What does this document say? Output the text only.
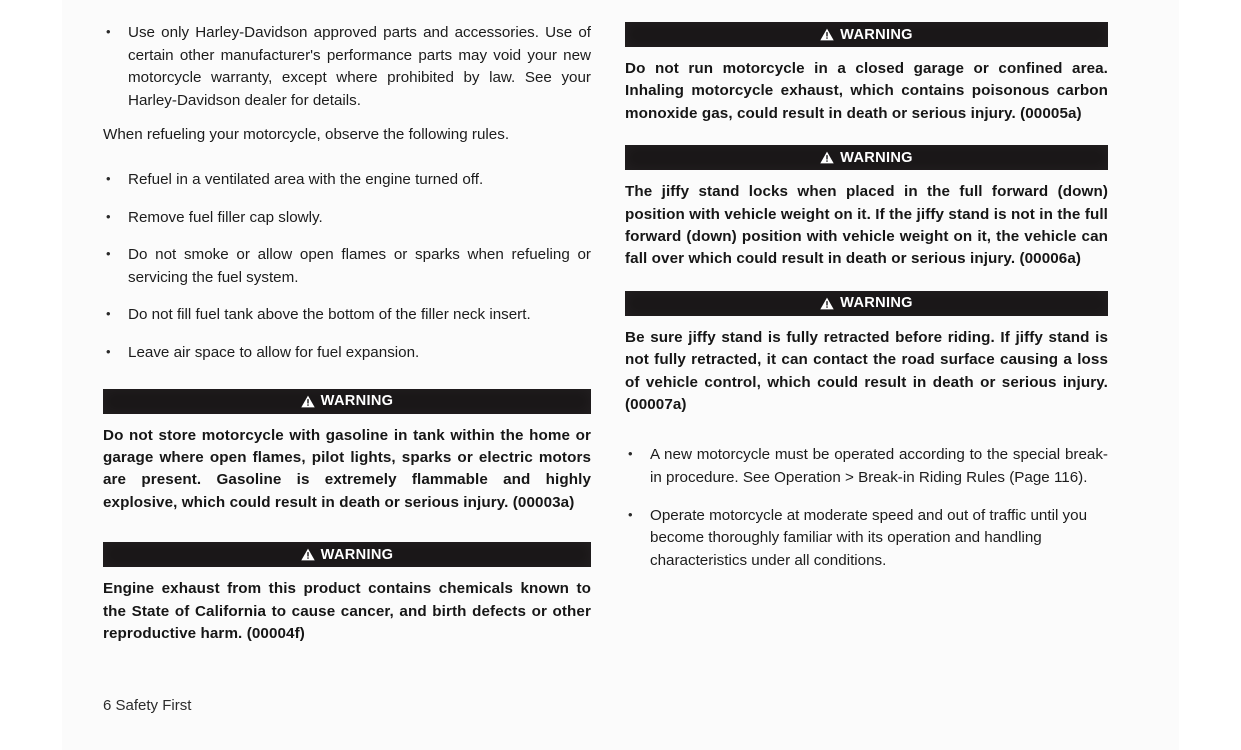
• Use only Harley-Davidson approved parts and accessories. Use of certain other manufacturer's performance parts may void your new motorcycle warranty, except where prohibited by law. See your Harley-Davidson dealer for details.

When refueling your motorcycle, observe the following rules.

• Refuel in a ventilated area with the engine turned off.
• Remove fuel filler cap slowly.
• Do not smoke or allow open flames or sparks when refueling or servicing the fuel system.
• Do not fill fuel tank above the bottom of the filler neck insert.
• Leave air space to allow for fuel expansion.
WARNING

Do not store motorcycle with gasoline in tank within the home or garage where open flames, pilot lights, sparks or electric motors are present. Gasoline is extremely flammable and highly explosive, which could result in death or serious injury. (00003a)

WARNING

Engine exhaust from this product contains chemicals known to the State of California to cause cancer, and birth defects or other reproductive harm. (00004f)

WARNING

Do not run motorcycle in a closed garage or confined area. Inhaling motorcycle exhaust, which contains poisonous carbon monoxide gas, could result in death or serious injury. (00005a)

WARNING

The jiffy stand locks when placed in the full forward (down) position with vehicle weight on it. If the jiffy stand is not in the full forward (down) position with vehicle weight on it, the vehicle can fall over which could result in death or serious injury. (00006a)

WARNING

Be sure jiffy stand is fully retracted before riding. If jiffy stand is not fully retracted, it can contact the road surface causing a loss of vehicle control, which could result in death or serious injury. (00007a)

• A new motorcycle must be operated according to the special break-in procedure. See Operation > Break-in Riding Rules (Page 116).
• Operate motorcycle at moderate speed and out of traffic until you become thoroughly familiar with its operation and handling characteristics under all conditions.
6 Safety First
